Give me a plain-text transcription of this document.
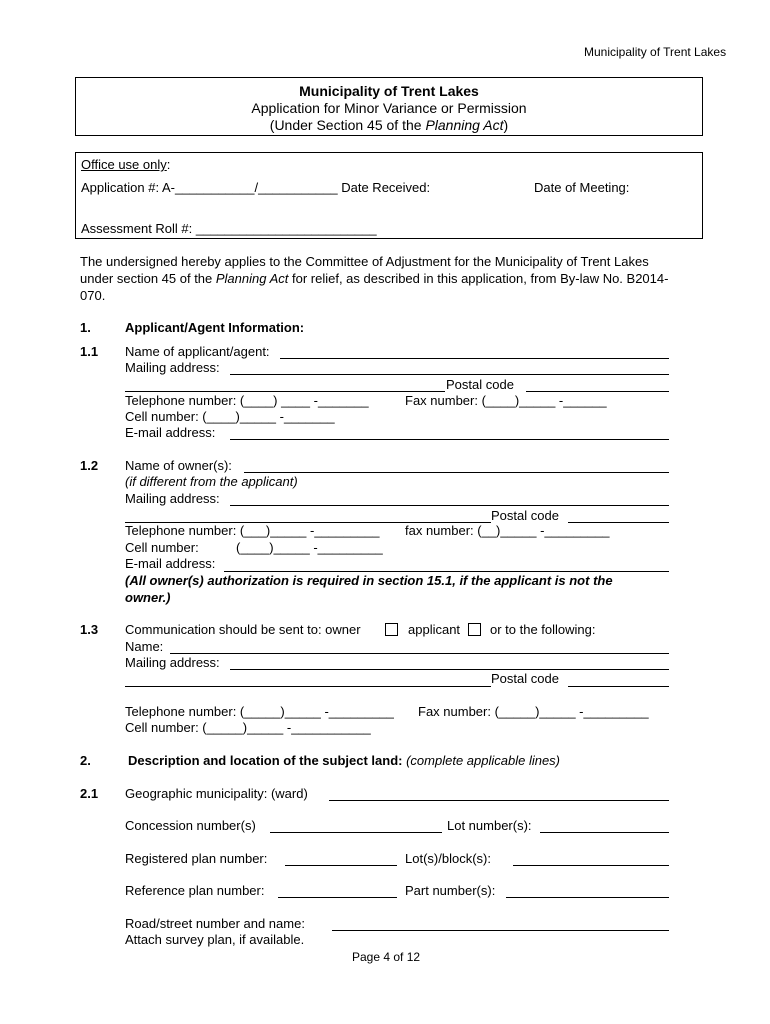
Municipality of Trent Lakes
Municipality of Trent Lakes
Application for Minor Variance or Permission
(Under Section 45 of the Planning Act)
Office use only:
Application #: A-___________/___________ Date Received:	Date of Meeting:
Assessment Roll #: _________________________
The undersigned hereby applies to the Committee of Adjustment for the Municipality of Trent Lakes
under section 45 of the Planning Act for relief, as described in this application, from By-law No. B2014-
070.
1.	Applicant/Agent Information:
1.1 Name of applicant/agent:
Mailing address:
Postal code
Telephone number: (____) ____ -_______	Fax number: (____)_____ -______
Cell number: (____)_____ -_______
E-mail address:
1.2 Name of owner(s):
(if different from the applicant)
Mailing address:
Postal code
Telephone number: (___)_____ -_________ fax number: (__)_____ -_________
Cell number:	(____)_____ -_________
E-mail address:
(All owner(s) authorization is required in section 15.1, if the applicant is not the
owner.)
1.3 Communication should be sent to: owner	applicant or to the following:
Name:
Mailing address:
Postal code
Telephone number: (_____)_____ -_________ Fax number: (_____)_____ -_________
Cell number: (_____)_____ -___________
2.	Description and location of the subject land: (complete applicable lines)
2.1 Geographic municipality: (ward)
Concession number(s)	Lot number(s):
Registered plan number:	Lot(s)/block(s):
Reference plan number:	Part number(s):
Road/street number and name:
Attach survey plan, if available.
Page 4 of 12
